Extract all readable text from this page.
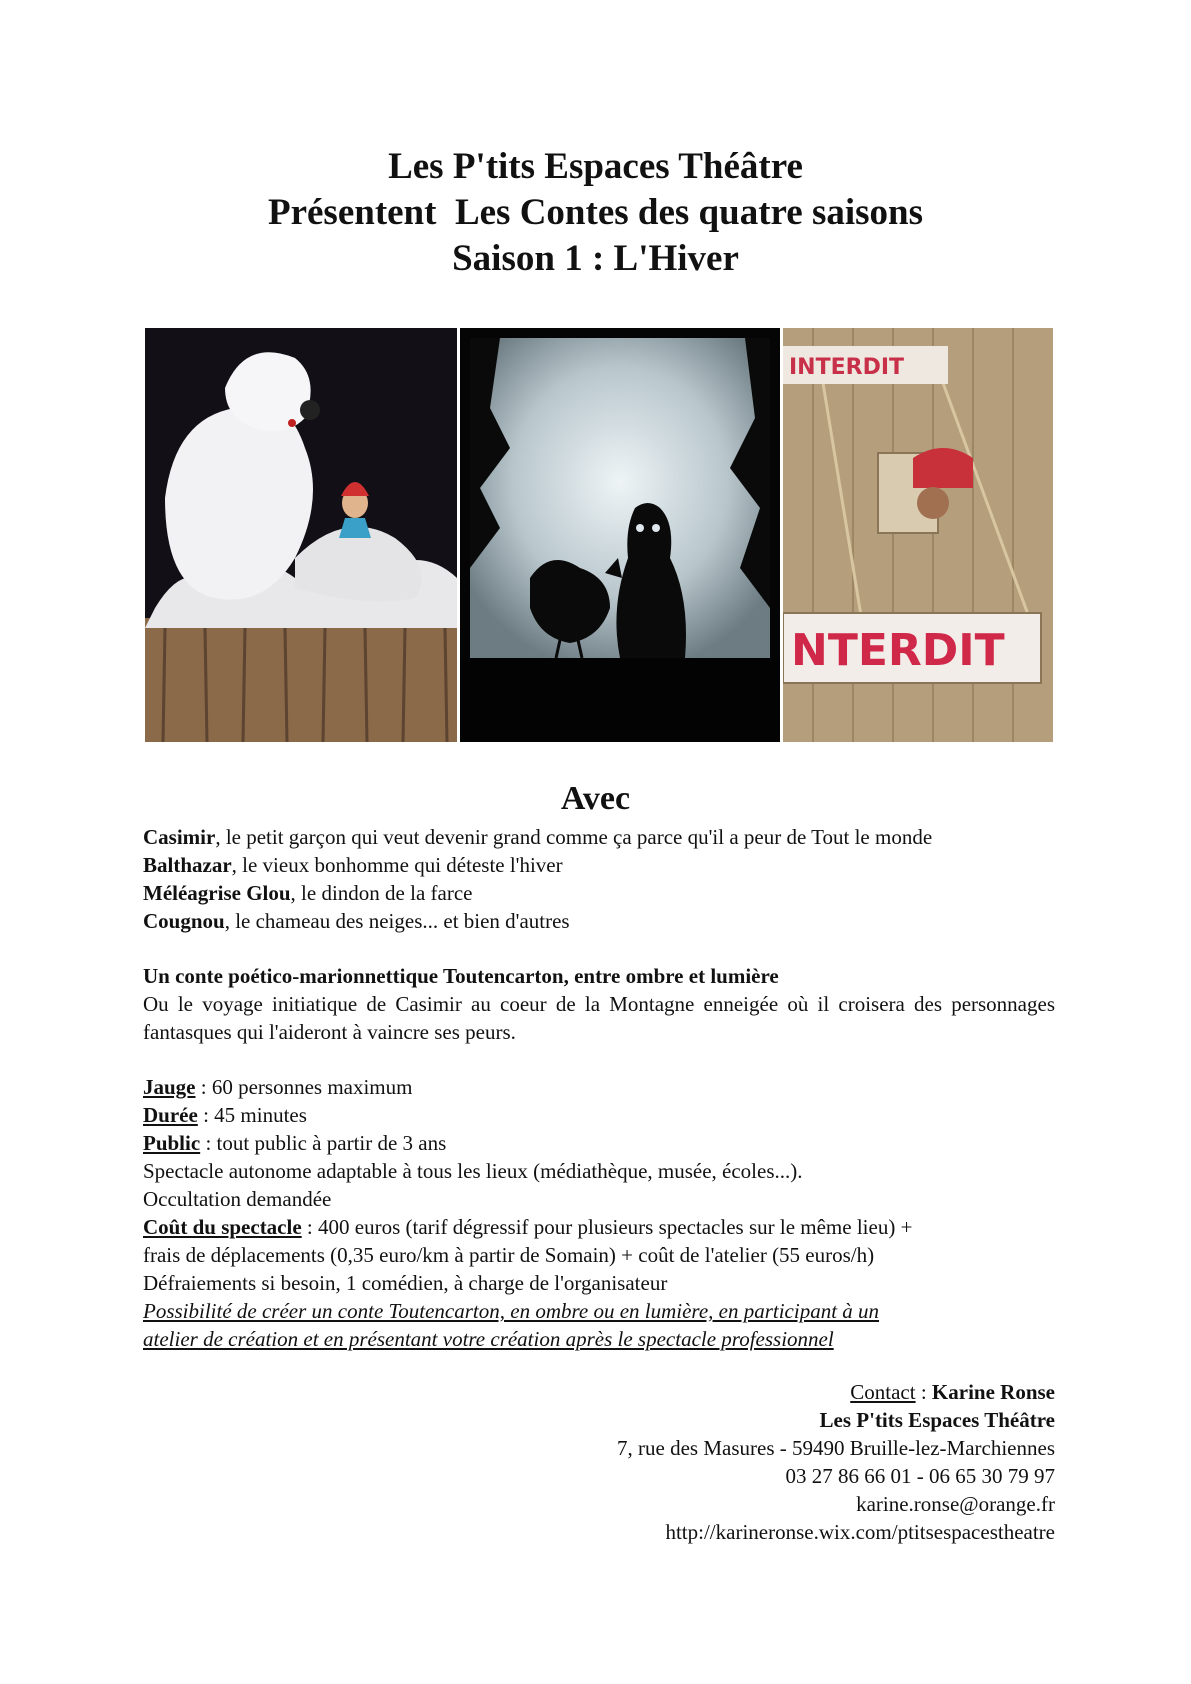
Les P'tits Espaces Théâtre
Présentent  Les Contes des quatre saisons
Saison 1 : L'Hiver
INTERDIT
NTERDIT
Avec
Casimir, le petit garçon qui veut devenir grand comme ça parce qu'il a peur de Tout le monde
Balthazar, le vieux bonhomme qui déteste l'hiver
Méléagrise Glou, le dindon de la farce
Cougnou, le chameau des neiges... et bien d'autres
Un conte poético-marionnettique Toutencarton, entre ombre et lumière
Ou le voyage initiatique de Casimir au coeur de la Montagne enneigée où il croisera des personnages fantasques qui l'aideront à vaincre ses peurs.
Jauge : 60 personnes maximum
Durée : 45 minutes
Public : tout public à partir de 3 ans
Spectacle autonome adaptable à tous les lieux (médiathèque, musée, écoles...).
Occultation demandée
Coût du spectacle : 400 euros (tarif dégressif pour plusieurs spectacles sur le même lieu) +
frais de déplacements (0,35 euro/km à partir de Somain) + coût de l'atelier (55 euros/h)
Défraiements si besoin, 1 comédien, à charge de l'organisateur
Possibilité de créer un conte Toutencarton, en ombre ou en lumière, en participant à un
atelier de création et en présentant votre création après le spectacle professionnel
Contact : Karine Ronse
Les P'tits Espaces Théâtre
7, rue des Masures - 59490 Bruille-lez-Marchiennes
03 27 86 66 01 - 06 65 30 79 97
karine.ronse@orange.fr
http://karineronse.wix.com/ptitsespacestheatre
